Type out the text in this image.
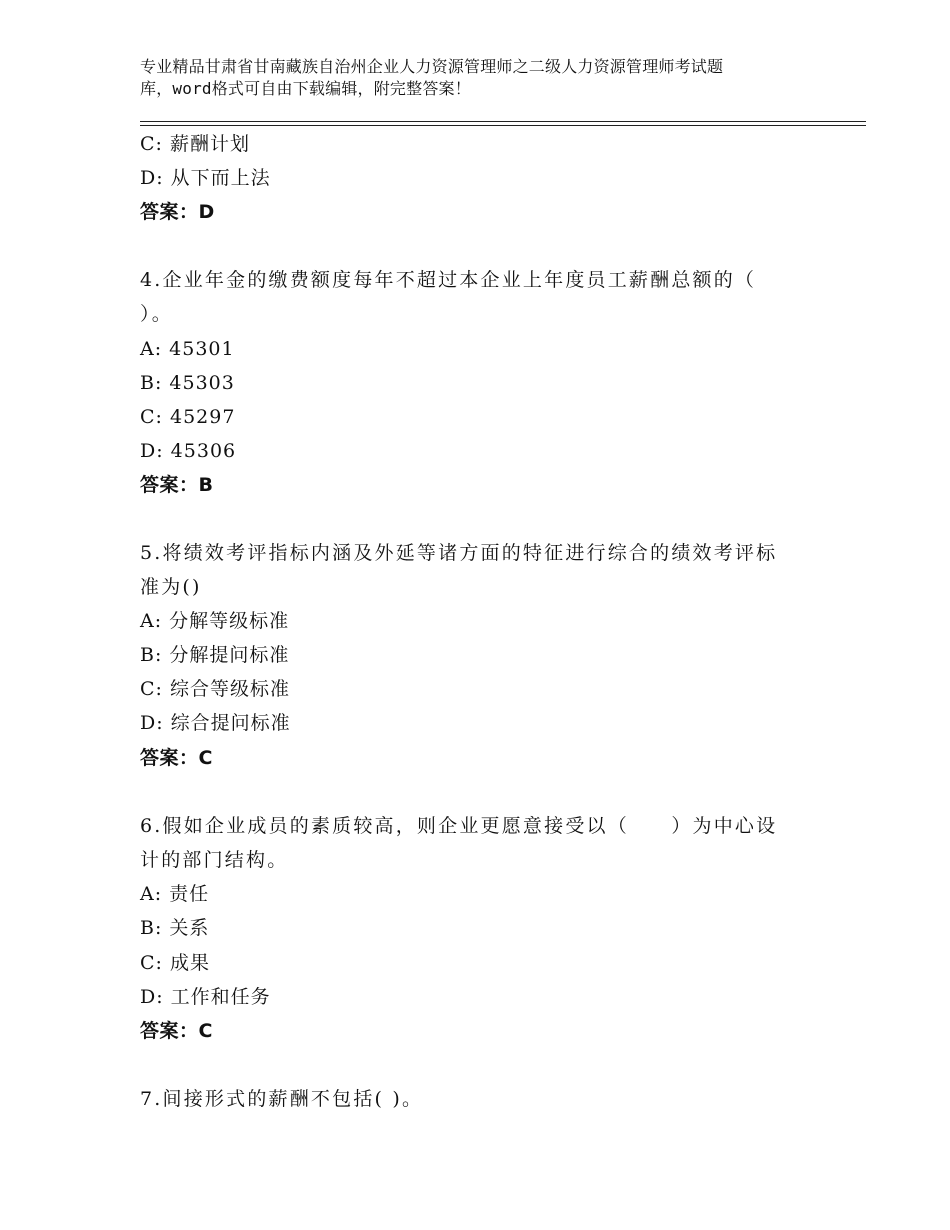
专业精品甘肃省甘南藏族自治州企业人力资源管理师之二级人力资源管理师考试题
库，word格式可自由下载编辑，附完整答案！
C: 薪酬计划
D: 从下而上法
答案：D
4.企业年金的缴费额度每年不超过本企业上年度员工薪酬总额的（
）。
A: 45301
B: 45303
C: 45297
D: 45306
答案：B
5.将绩效考评指标内涵及外延等诸方面的特征进行综合的绩效考评标
准为()
A: 分解等级标准
B: 分解提问标准
C: 综合等级标准
D: 综合提问标准
答案：C
6.假如企业成员的素质较高，则企业更愿意接受以（　　）为中心设
计的部门结构。
A: 责任
B: 关系
C: 成果
D: 工作和任务
答案：C
7.间接形式的薪酬不包括( )。
